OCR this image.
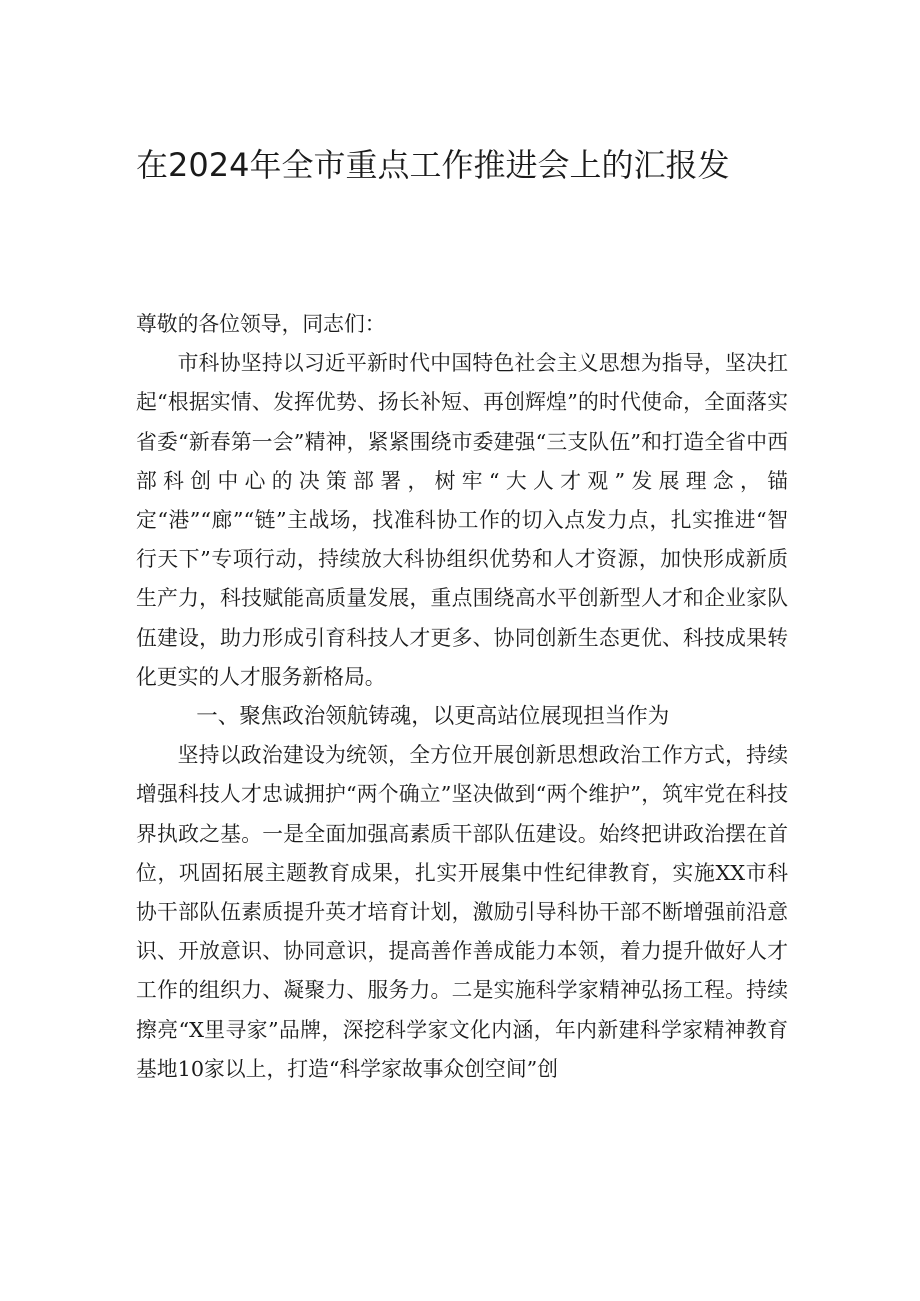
在2024年全市重点工作推进会上的汇报发

尊敬的各位领导，同志们：

市科协坚持以习近平新时代中国特色社会主义思想为指导，坚决扛起“根据实情、发挥优势、扬长补短、再创辉煌”的时代使命，全面落实省委“新春第一会”精神，紧紧围绕市委建强“三支队伍”和打造全省中西部科创中心的决策部署，树牢“大人才观”发展理念，锚定“港”“廊”“链”主战场，找准科协工作的切入点发力点，扎实推进“智行天下”专项行动，持续放大科协组织优势和人才资源，加快形成新质生产力，科技赋能高质量发展，重点围绕高水平创新型人才和企业家队伍建设，助力形成引育科技人才更多、协同创新生态更优、科技成果转化更实的人才服务新格局。

一、聚焦政治领航铸魂，以更高站位展现担当作为

坚持以政治建设为统领，全方位开展创新思想政治工作方式，持续增强科技人才忠诚拥护“两个确立”坚决做到“两个维护”，筑牢党在科技界执政之基。一是全面加强高素质干部队伍建设。始终把讲政治摆在首位，巩固拓展主题教育成果，扎实开展集中性纪律教育，实施XX市科协干部队伍素质提升英才培育计划，激励引导科协干部不断增强前沿意识、开放意识、协同意识，提高善作善成能力本领，着力提升做好人才工作的组织力、凝聚力、服务力。二是实施科学家精神弘扬工程。持续擦亮“X里寻家”品牌，深挖科学家文化内涵，年内新建科学家精神教育基地10家以上，打造“科学家故事众创空间”创
